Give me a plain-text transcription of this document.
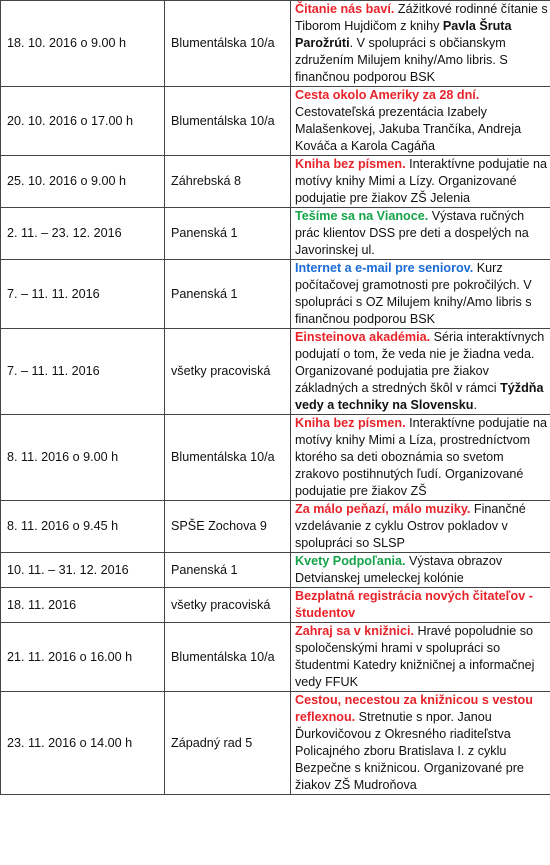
18. 10. 2016 o 9.00 h	Blumentálska 10/a	Čitanie nás baví. Zážitkové rodinné čítanie s Tiborom Hujdičom z knihy Pavla Šruta Parožrúti. V spolupráci s občianskym združením Milujem knihy/Amo libris. S finančnou podporou BSK
20. 10. 2016 o 17.00 h	Blumentálska 10/a	Cesta okolo Ameriky za 28 dní. Cestovateľská prezentácia Izabely Malašenkovej, Jakuba Trančíka, Andreja Kováča a Karola Cagáňa
25. 10. 2016 o 9.00 h	Záhrebská 8	Kniha bez písmen. Interaktívne podujatie na motívy knihy Mimi a Lízy. Organizované podujatie pre žiakov ZŠ Jelenia
2. 11. – 23. 12. 2016	Panenská 1	Tešíme sa na Vianoce. Výstava ručných prác klientov DSS pre deti a dospelých na Javorinskej ul.
7. – 11. 11. 2016	Panenská 1	Internet a e-mail pre seniorov. Kurz počítačovej gramotnosti pre pokročilých. V spolupráci s OZ Milujem knihy/Amo libris s finančnou podporou BSK
7. – 11. 11. 2016	všetky pracoviská	Einsteinova akadémia. Séria interaktívnych podujatí o tom, že veda nie je žiadna veda. Organizované podujatia pre žiakov základných a stredných škôl v rámci Týždňa vedy a techniky na Slovensku.
8. 11. 2016 o 9.00 h	Blumentálska 10/a	Kniha bez písmen. Interaktívne podujatie na motívy knihy Mimi a Líza, prostredníctvom ktorého sa deti oboznámia so svetom zrakovo postihnutých ľudí. Organizované podujatie pre žiakov ZŠ
8. 11. 2016 o 9.45 h	SPŠE Zochova 9	Za málo peňazí, málo muziky. Finančné vzdelávanie z cyklu Ostrov pokladov v spolupráci so SLSP
10. 11. – 31. 12. 2016	Panenská 1	Kvety Podpoľania. Výstava obrazov Detvianskej umeleckej kolónie
18. 11. 2016	všetky pracoviská	Bezplatná registrácia nových čitateľov - študentov
21. 11. 2016 o 16.00 h	Blumentálska 10/a	Zahraj sa v knižnici. Hravé popoludnie so spoločenskými hrami v spolupráci so študentmi Katedry knižničnej a informačnej vedy FFUK
23. 11. 2016 o 14.00 h	Západný rad 5	Cestou, necestou za knižnicou s vestou reflexnou. Stretnutie s npor. Janou Ďurkovičovou z Okresného riaditeľstva Policajného zboru Bratislava I. z cyklu Bezpečne s knižnicou. Organizované pre žiakov ZŠ Mudroňova
